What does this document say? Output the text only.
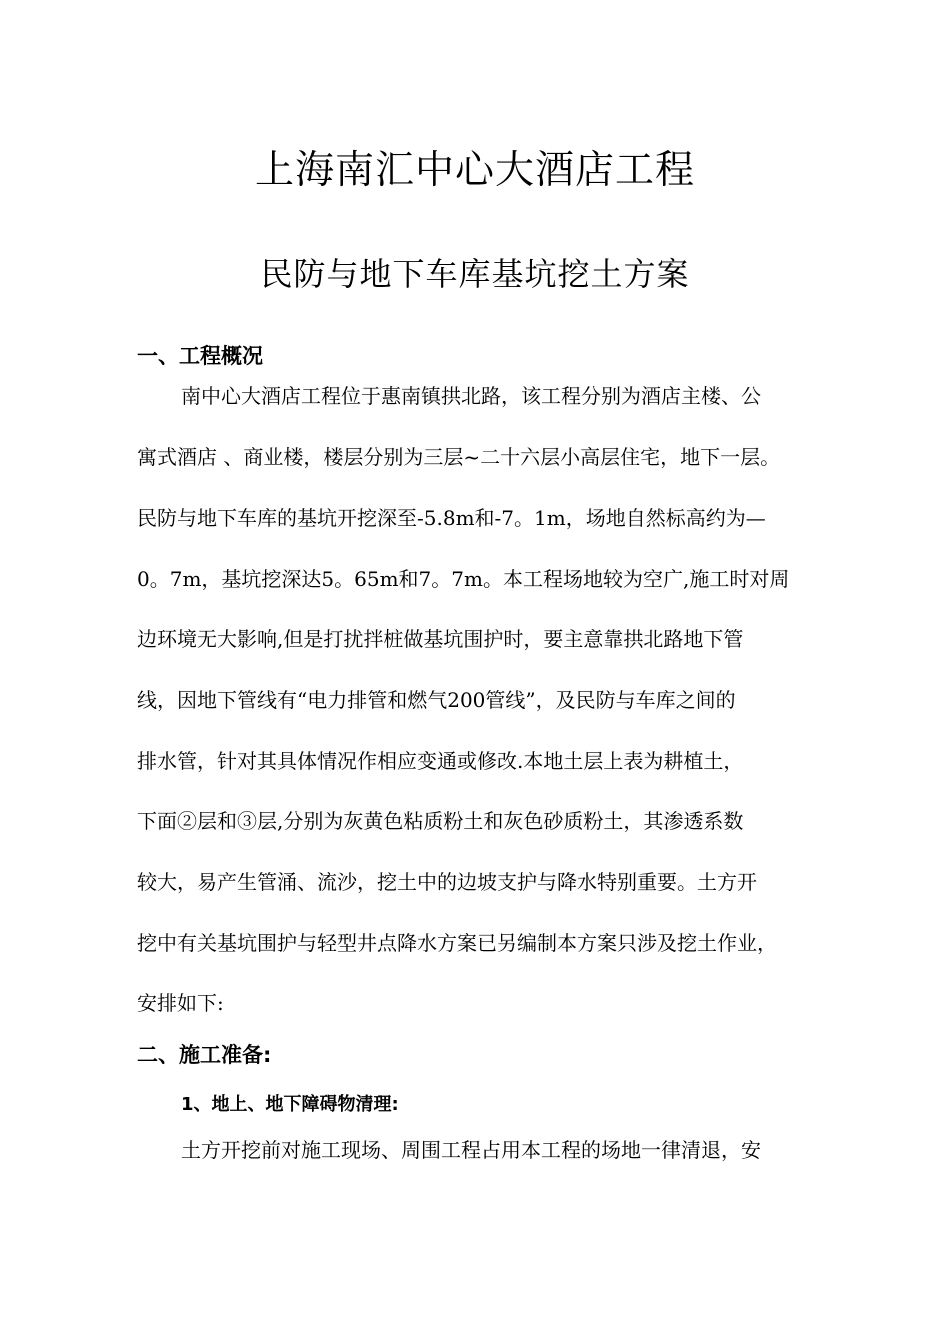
上海南汇中心大酒店工程
民防与地下车库基坑挖土方案
一、工程概况

南中心大酒店工程位于惠南镇拱北路，该工程分别为酒店主楼、公

寓式酒店 、商业楼，楼层分别为三层~二十六层小高层住宅，地下一层。

民防与地下车库的基坑开挖深至-5.8m和-7。1m，场地自然标高约为—

0。7m，基坑挖深达5。65m和7。7m。本工程场地较为空广,施工时对周

边环境无大影响,但是打扰拌桩做基坑围护时，要主意靠拱北路地下管

线，因地下管线有“电力排管和燃气200管线”，及民防与车库之间的

排水管，针对其具体情况作相应变通或修改.本地土层上表为耕植土，

下面②层和③层,分别为灰黄色粘质粉土和灰色砂质粉土，其渗透系数

较大，易产生管涌、流沙，挖土中的边坡支护与降水特别重要。土方开

挖中有关基坑围护与轻型井点降水方案已另编制本方案只涉及挖土作业，

安排如下:

二、施工准备:
1、地上、地下障碍物清理:

土方开挖前对施工现场、周围工程占用本工程的场地一律清退，安
